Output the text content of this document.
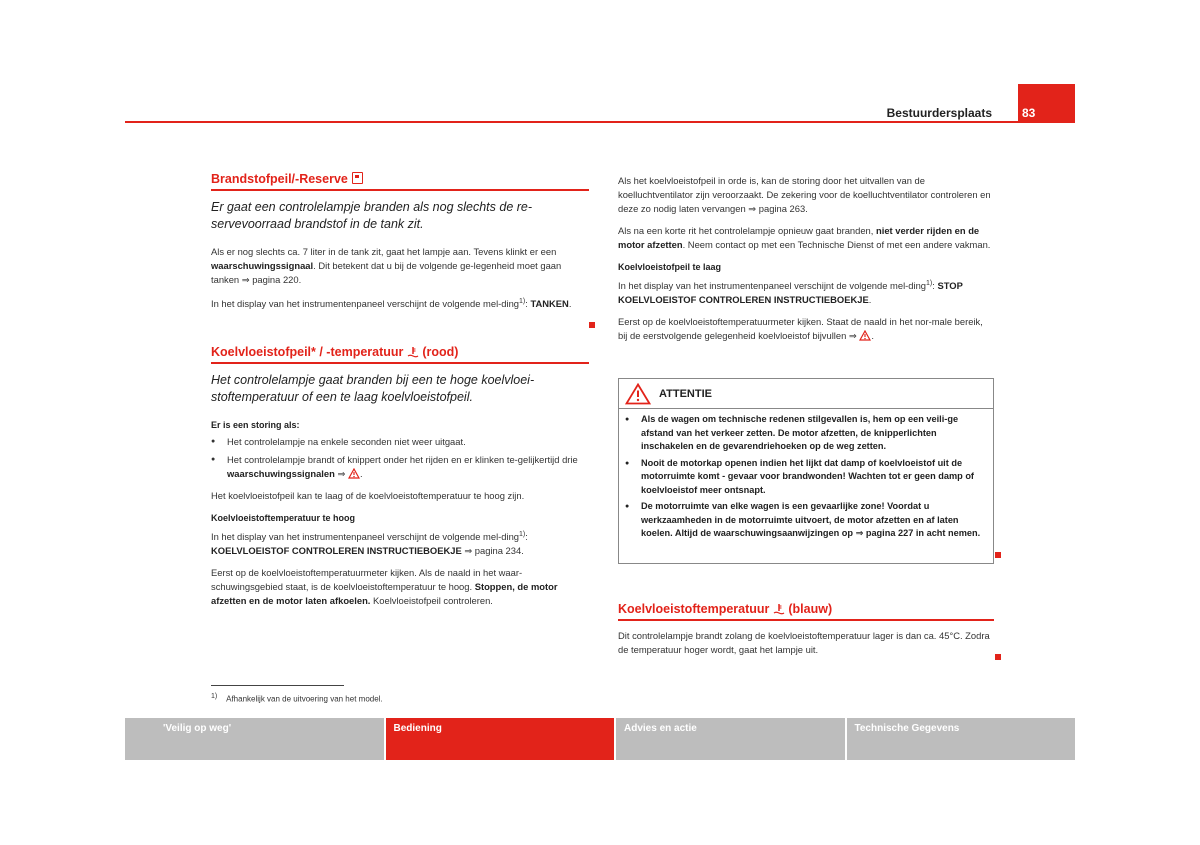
Bestuurdersplaats	83
Brandstofpeil/-Reserve
Er gaat een controlelampje branden als nog slechts de re-servevoorraad brandstof in de tank zit.
Als er nog slechts ca. 7 liter in de tank zit, gaat het lampje aan. Tevens klinkt er een waarschuwingssignaal. Dit betekent dat u bij de volgende ge-legenheid moet gaan tanken ⇒ pagina 220.
In het display van het instrumentenpaneel verschijnt de volgende mel-ding$^{1)}$: TANKEN.
Koelvloeistofpeil* / -temperatuur  (rood)
Het controlelampje gaat branden bij een te hoge koelvloei-stoftemperatuur of een te laag koelvloeistofpeil.
Er is een storing als:
● Het controlelampje na enkele seconden niet weer uitgaat.
● Het controlelampje brandt of knippert onder het rijden en er klinken te-gelijkertijd drie waarschuwingssignalen ⇒ .
Het koelvloeistofpeil kan te laag of de koelvloeistoftemperatuur te hoog zijn.
Koelvloeistoftemperatuur te hoog
In het display van het instrumentenpaneel verschijnt de volgende mel-ding$^{1)}$: KOELVLOEISTOF CONTROLEREN INSTRUCTIEBOEKJE ⇒ pagina 234.
Eerst op de koelvloeistoftemperatuurmeter kijken. Als de naald in het waar-schuwingsgebied staat, is de koelvloeistoftemperatuur te hoog. Stoppen, de motor afzetten en de motor laten afkoelen. Koelvloeistofpeil controleren.
Als het koelvloeistofpeil in orde is, kan de storing door het uitvallen van de koelluchtventilator zijn veroorzaakt. De zekering voor de koelluchtventilator controleren en deze zo nodig laten vervangen ⇒ pagina 263.
Als na een korte rit het controlelampje opnieuw gaat branden, niet verder rijden en de motor afzetten. Neem contact op met een Technische Dienst of met een andere vakman.
Koelvloeistofpeil te laag
In het display van het instrumentenpaneel verschijnt de volgende mel-ding$^{1)}$: STOP KOELVLOEISTOF CONTROLEREN INSTRUCTIEBOEKJE.
Eerst op de koelvloeistoftemperatuurmeter kijken. Staat de naald in het nor-male bereik, bij de eerstvolgende gelegenheid koelvloeistof bijvullen ⇒ .
ATTENTIE
● Als de wagen om technische redenen stilgevallen is, hem op een veili-ge afstand van het verkeer zetten. De motor afzetten, de knipperlichten inschakelen en de gevarendriehoeken op de weg zetten.
● Nooit de motorkap openen indien het lijkt dat damp of koelvloeistof uit de motorruimte komt - gevaar voor brandwonden! Wachten tot er geen damp of koelvloeistof meer ontsnapt.
● De motorruimte van elke wagen is een gevaarlijke zone! Voordat u werkzaamheden in de motorruimte uitvoert, de motor afzetten en af laten koelen. Altijd de waarschuwingsaanwijzingen op ⇒ pagina 227 in acht nemen.
Koelvloeistoftemperatuur  (blauw)
Dit controlelampje brandt zolang de koelvloeistoftemperatuur lager is dan ca. 45°C. Zodra de temperatuur hoger wordt, gaat het lampje uit.
$^{1)}$ Afhankelijk van de uitvoering van het model.
'Veilig op weg'	Bediening	Advies en actie	Technische Gegevens
